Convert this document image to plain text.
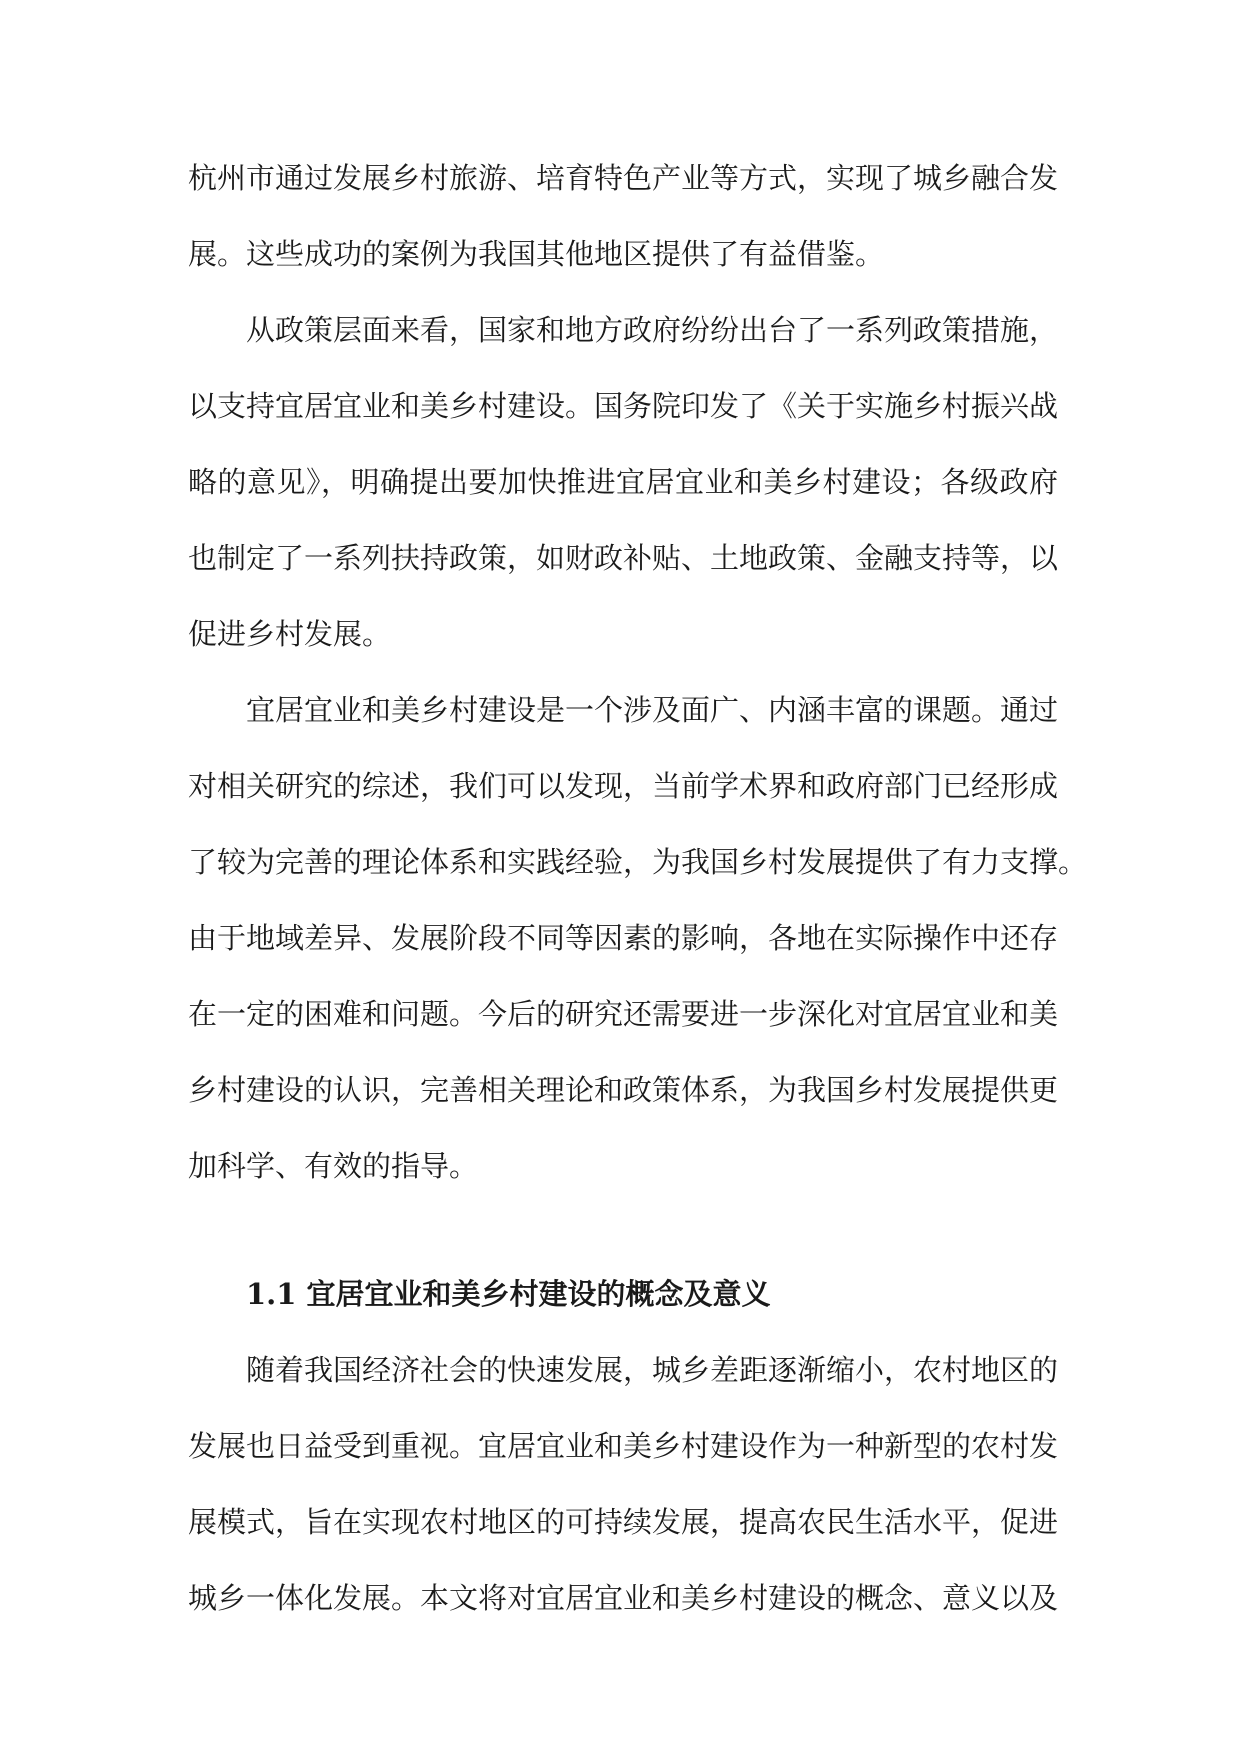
杭州市通过发展乡村旅游、培育特色产业等方式，实现了城乡融合发
展。这些成功的案例为我国其他地区提供了有益借鉴。
从政策层面来看，国家和地方政府纷纷出台了一系列政策措施，
以支持宜居宜业和美乡村建设。国务院印发了《关于实施乡村振兴战
略的意见》，明确提出要加快推进宜居宜业和美乡村建设；各级政府
也制定了一系列扶持政策，如财政补贴、土地政策、金融支持等，以
促进乡村发展。
宜居宜业和美乡村建设是一个涉及面广、内涵丰富的课题。通过
对相关研究的综述，我们可以发现，当前学术界和政府部门已经形成
了较为完善的理论体系和实践经验，为我国乡村发展提供了有力支撑。
由于地域差异、发展阶段不同等因素的影响，各地在实际操作中还存
在一定的困难和问题。今后的研究还需要进一步深化对宜居宜业和美
乡村建设的认识，完善相关理论和政策体系，为我国乡村发展提供更
加科学、有效的指导。
1.1 宜居宜业和美乡村建设的概念及意义
随着我国经济社会的快速发展，城乡差距逐渐缩小，农村地区的
发展也日益受到重视。宜居宜业和美乡村建设作为一种新型的农村发
展模式，旨在实现农村地区的可持续发展，提高农民生活水平，促进
城乡一体化发展。本文将对宜居宜业和美乡村建设的概念、意义以及
